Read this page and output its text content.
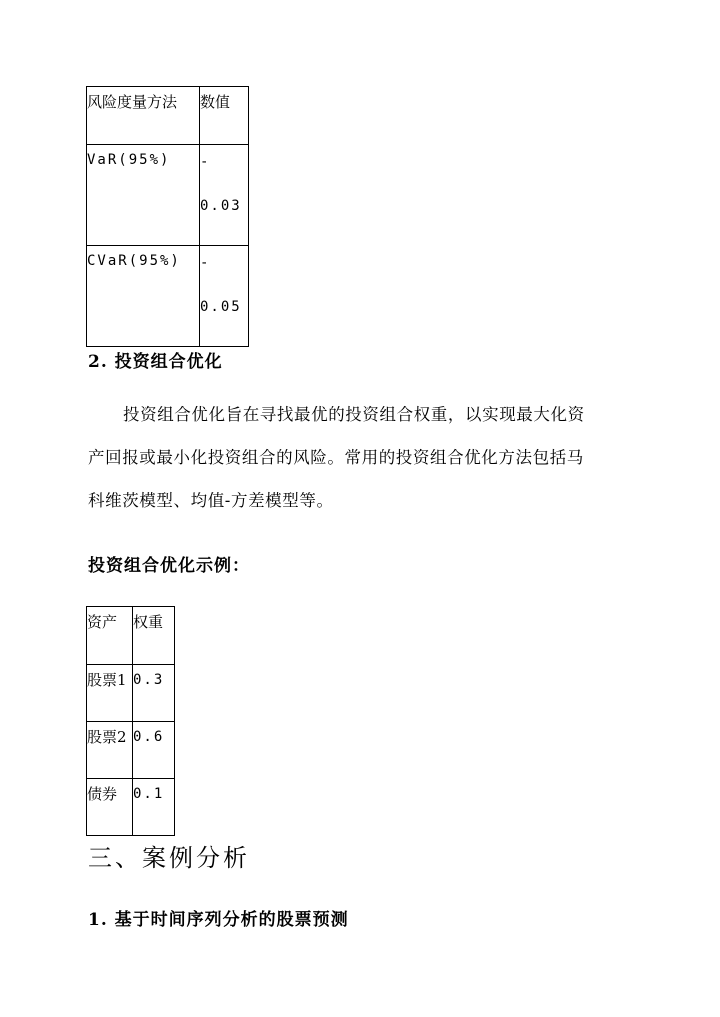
风险度量方法	数值

VaR(95%)	-
0.03

CVaR(95%)	-
0.05
2. 投资组合优化
投资组合优化旨在寻找最优的投资组合权重，以实现最大化资
产回报或最小化投资组合的风险。常用的投资组合优化方法包括马
科维茨模型、均值-方差模型等。
投资组合优化示例：
资产	权重

股票1	0.3

股票2	0.6

债券	0.1
三、案例分析
1. 基于时间序列分析的股票预测
